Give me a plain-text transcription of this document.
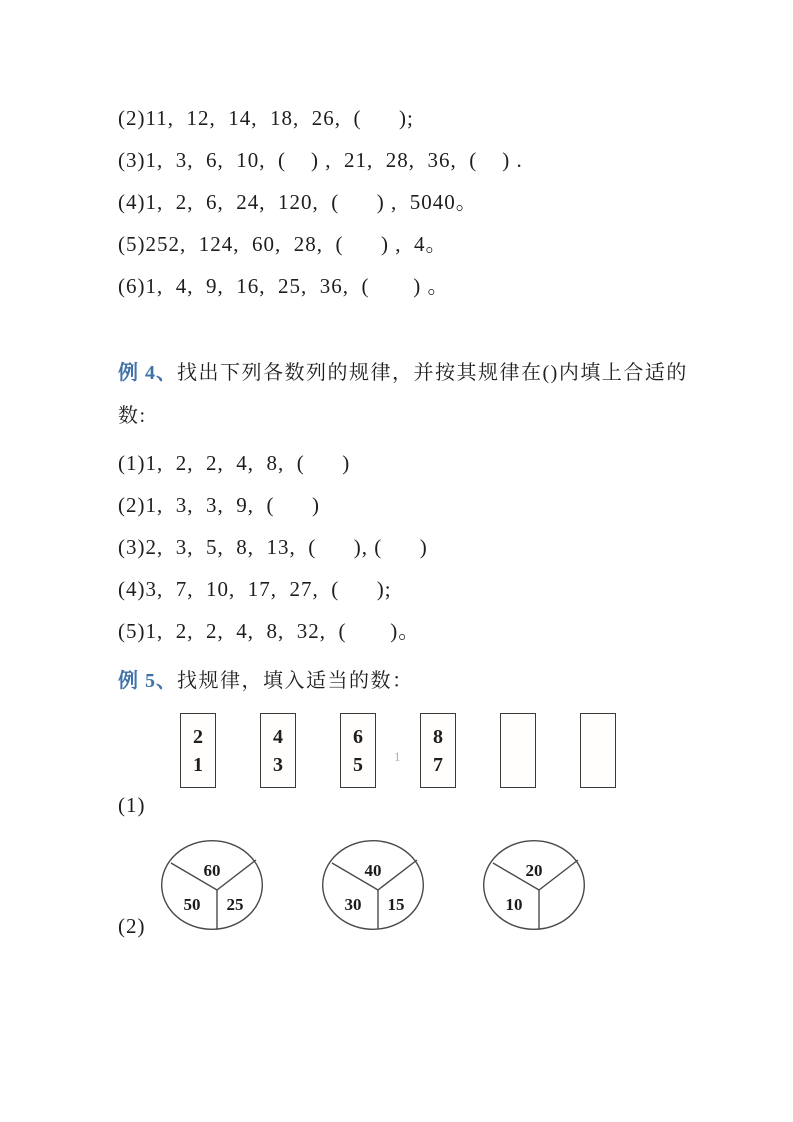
(2)11,  12,  14,  18,  26,  (      );
(3)1,  3,  6,  10,  (    ) ,  21,  28,  36,  (    ) .
(4)1,  2,  6,  24,  120,  (      ) ,  5040。
(5)252,  124,  60,  28,  (      ) ,  4。
(6)1,  4,  9,  16,  25,  36,  (       ) 。
例 4、找出下列各数列的规律，并按其规律在()内填上合适的
数:
(1)1,  2,  2,  4,  8,  (      )
(2)1,  3,  3,  9,  (      )
(3)2,  3,  5,  8,  13,  (      ), (      )
(4)3,  7,  10,  17,  27,  (      );
(5)1,  2,  2,  4,  8,  32,  (       )。
例 5、找规律，填入适当的数：
2
1
4
3
6
5
8
7
1
(1)
60
50 25
40
30 15
20
10
(2)
